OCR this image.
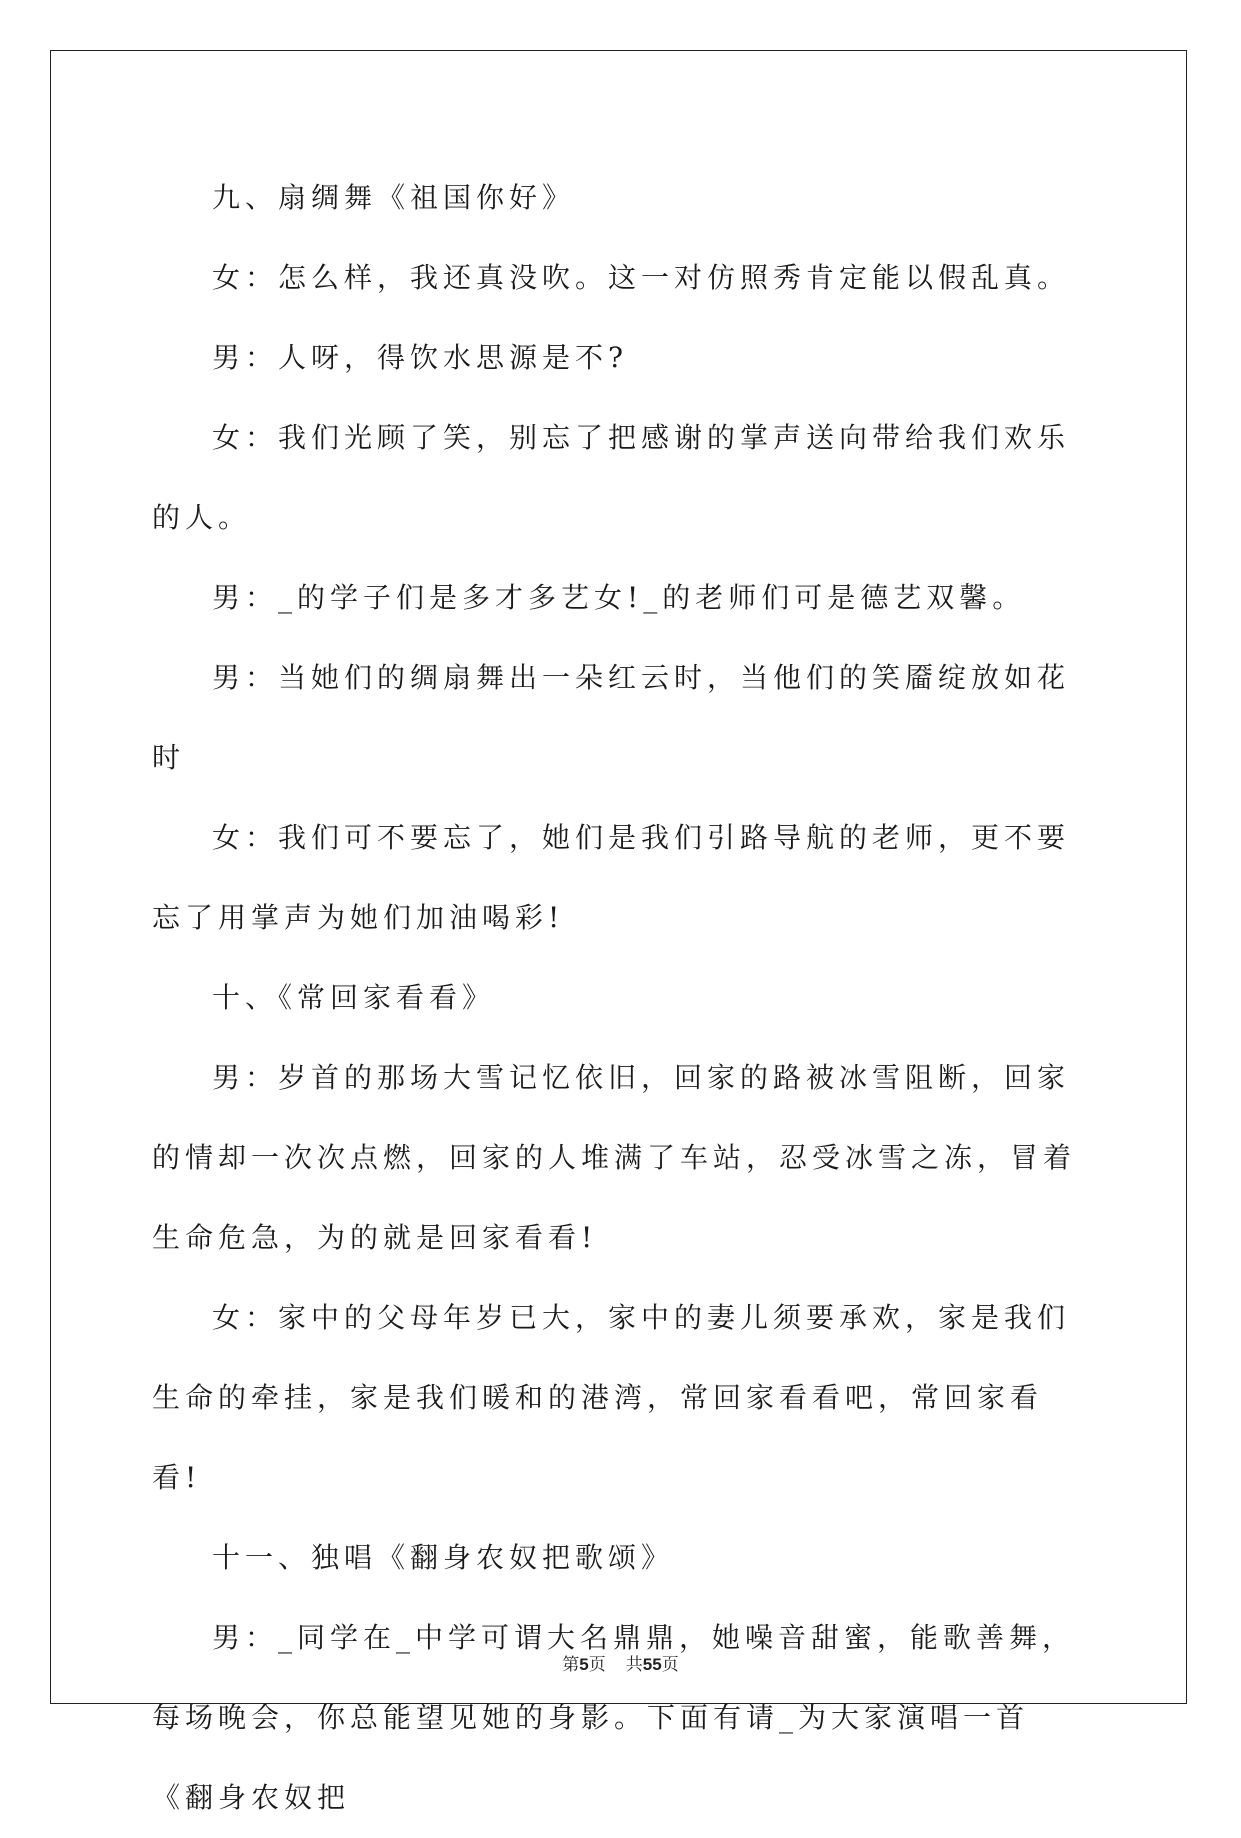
九、扇绸舞《祖国你好》

女：怎么样，我还真没吹。这一对仿照秀肯定能以假乱真。

男：人呀，得饮水思源是不?

女：我们光顾了笑，别忘了把感谢的掌声送向带给我们欢乐的人。

男：_的学子们是多才多艺女!_的老师们可是德艺双馨。

男：当她们的绸扇舞出一朵红云时，当他们的笑靥绽放如花时

女：我们可不要忘了，她们是我们引路导航的老师，更不要忘了用掌声为她们加油喝彩!

十、《常回家看看》

男：岁首的那场大雪记忆依旧，回家的路被冰雪阻断，回家的情却一次次点燃，回家的人堆满了车站，忍受冰雪之冻，冒着生命危急，为的就是回家看看!

女：家中的父母年岁已大，家中的妻儿须要承欢，家是我们生命的牵挂，家是我们暖和的港湾，常回家看看吧，常回家看看!

十一、独唱《翻身农奴把歌颂》

男：_同学在_中学可谓大名鼎鼎，她噪音甜蜜，能歌善舞，每场晚会，你总能望见她的身影。下面有请_为大家演唱一首《翻身农奴把

第5页 共55页
